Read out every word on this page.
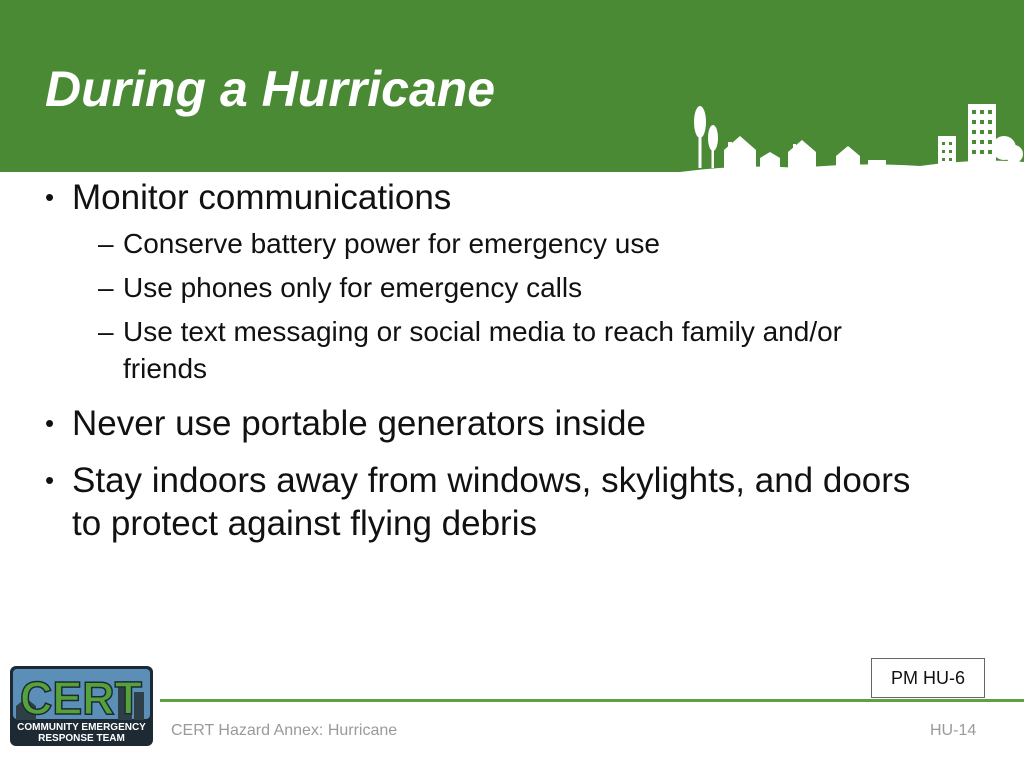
During a Hurricane
• Monitor communications
– Conserve battery power for emergency use
– Use phones only for emergency calls
– Use text messaging or social media to reach family and/or friends
• Never use portable generators inside
• Stay indoors away from windows, skylights, and doors to protect against flying debris
PM HU-6
CERT
COMMUNITY EMERGENCY
RESPONSE TEAM	CERT Hazard Annex: Hurricane	HU-14
